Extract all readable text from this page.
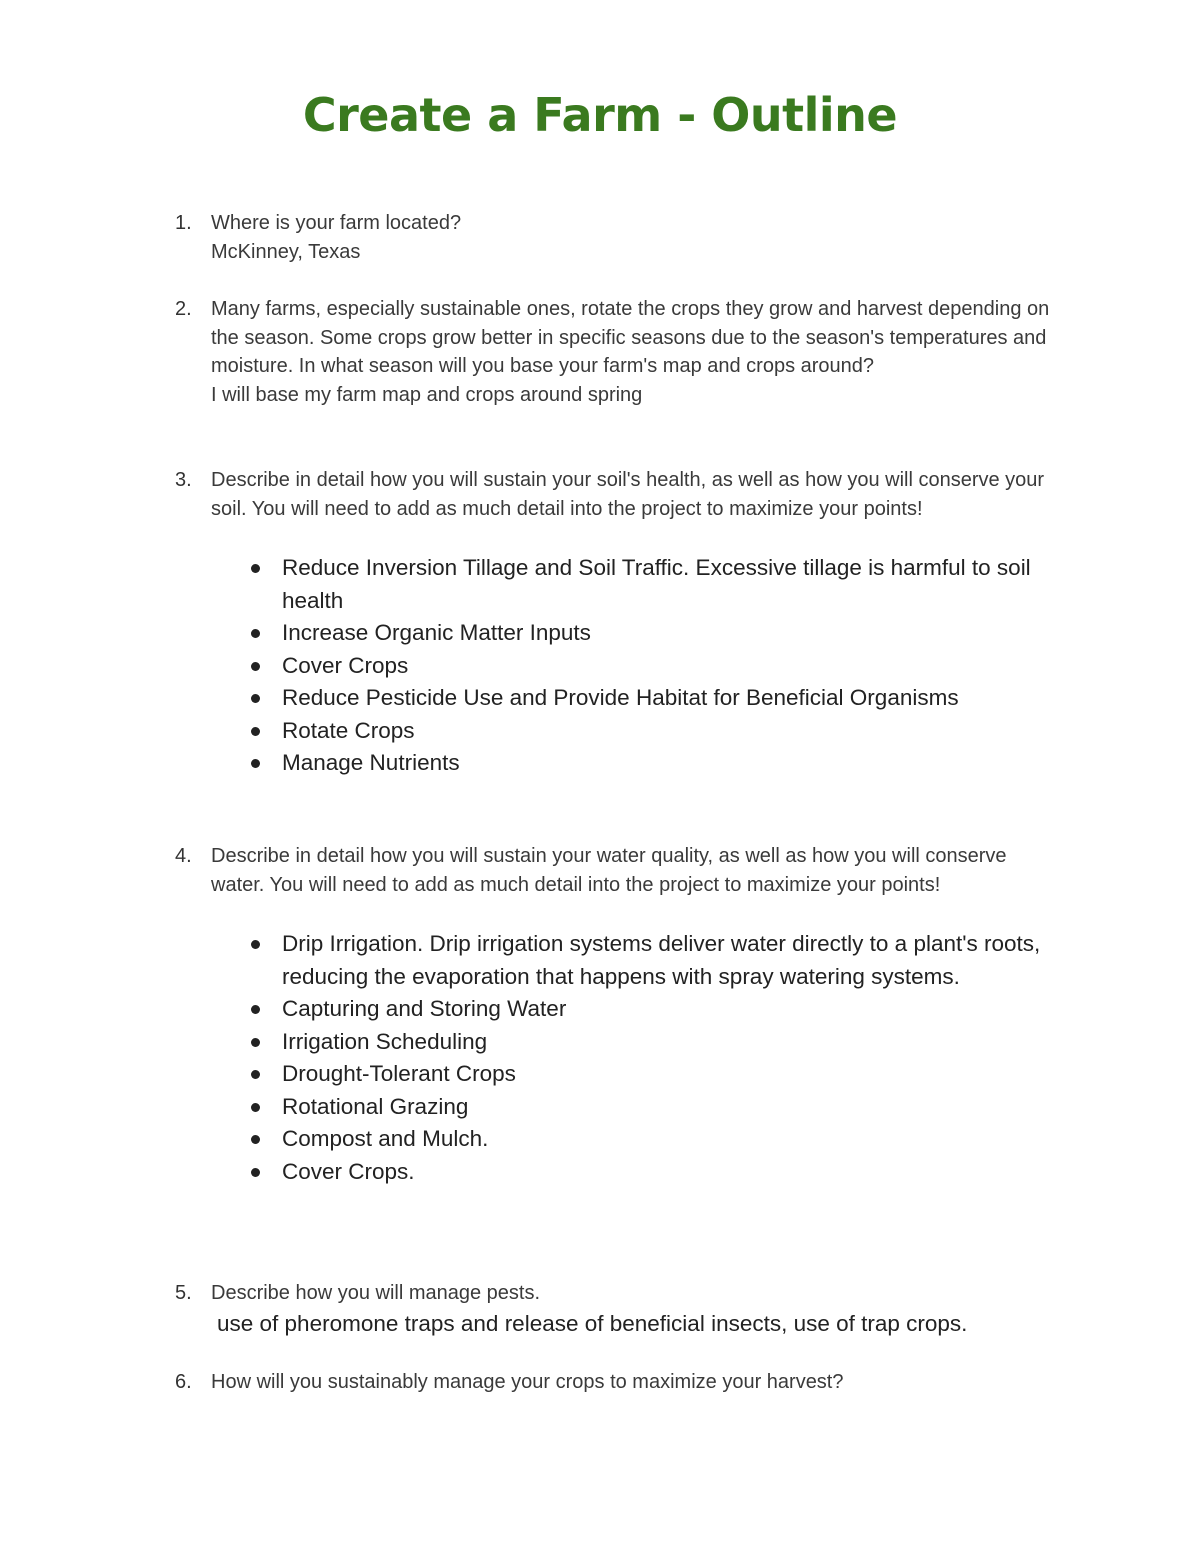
Create a Farm - Outline
1. Where is your farm located?

McKinney, Texas

2. Many farms, especially sustainable ones, rotate the crops they grow and harvest depending on the season. Some crops grow better in specific seasons due to the season's temperatures and moisture. In what season will you base your farm's map and crops around?

I will base my farm map and crops around spring

3. Describe in detail how you will sustain your soil's health, as well as how you will conserve your soil. You will need to add as much detail into the project to maximize your points!

Reduce Inversion Tillage and Soil Traffic. Excessive tillage is harmful to soil health
Increase Organic Matter Inputs
Cover Crops
Reduce Pesticide Use and Provide Habitat for Beneficial Organisms
Rotate Crops
Manage Nutrients
4. Describe in detail how you will sustain your water quality, as well as how you will conserve water. You will need to add as much detail into the project to maximize your points!

Drip Irrigation. Drip irrigation systems deliver water directly to a plant's roots, reducing the evaporation that happens with spray watering systems.
Capturing and Storing Water
Irrigation Scheduling
Drought-Tolerant Crops
Rotational Grazing
Compost and Mulch.
Cover Crops.
5. Describe how you will manage pests.

use of pheromone traps and release of beneficial insects, use of trap crops.

6. How will you sustainably manage your crops to maximize your harvest?
